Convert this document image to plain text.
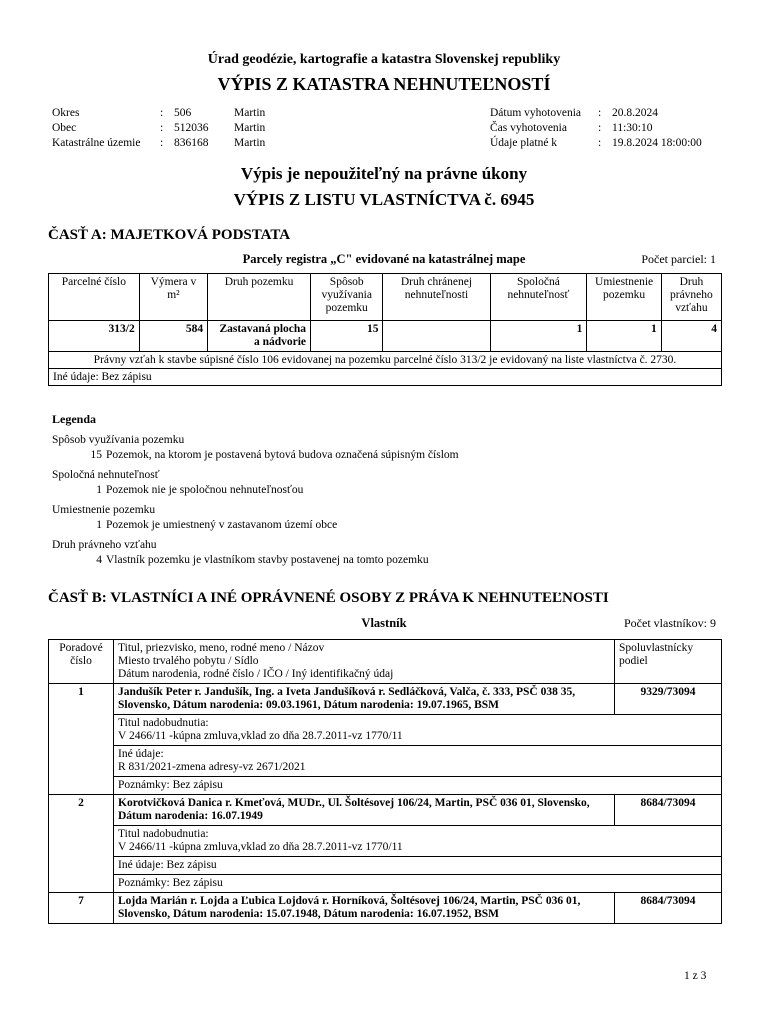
Úrad geodézie, kartografie a katastra Slovenskej republiky
VÝPIS Z KATASTRA NEHNUTEĽNOSTÍ
Okres	: 506	Martin
Obec	: 512036 Martin
Katastrálne územie : 836168 Martin
Dátum vyhotovenia : 20.8.2024
Čas vyhotovenia	: 11:30:10
Údaje platné k	: 19.8.2024 18:00:00
Výpis je nepoužiteľný na právne úkony
VÝPIS Z LISTU VLASTNÍCTVA č. 6945
ČASŤ A: MAJETKOVÁ PODSTATA
Parcely registra „C" evidované na katastrálnej mape	Počet parciel: 1
Parcelné číslo	Výmera v m²	Druh pozemku	Spôsob využívania pozemku	Druh chránenej nehnuteľnosti	Spoločná nehnuteľnosť	Umiestnenie pozemku	Druh právneho vzťahu
313/2	584	Zastavaná plocha a nádvorie	15		1	1	4
Právny vzťah k stavbe súpisné číslo 106 evidovanej na pozemku parcelné číslo 313/2 je evidovaný na liste vlastníctva č. 2730.							
Iné údaje: Bez zápisu							
Legenda
Spôsob využívania pozemku
15 Pozemok, na ktorom je postavená bytová budova označená súpisným číslom
Spoločná nehnuteľnosť
1 Pozemok nie je spoločnou nehnuteľnosťou
Umiestnenie pozemku
1 Pozemok je umiestnený v zastavanom území obce
Druh právneho vzťahu
4 Vlastník pozemku je vlastníkom stavby postavenej na tomto pozemku
ČASŤ B: VLASTNÍCI A INÉ OPRÁVNENÉ OSOBY Z PRÁVA K NEHNUTEĽNOSTI
Vlastník	Počet vlastníkov: 9
Poradové číslo	Titul, priezvisko, meno, rodné meno / Názov
Miesto trvalého pobytu / Sídlo
Dátum narodenia, rodné číslo / IČO / Iný identifikačný údaj	Spoluvlastnícky podiel
1	Jandušík Peter r. Jandušík, Ing. a Iveta Jandušíková r. Sedláčková, Valča, č. 333, PSČ 038 35, Slovensko, Dátum narodenia: 09.03.1961, Dátum narodenia: 19.07.1965, BSM	9329/73094

	Titul nadobudnutia:
V 2466/11 -kúpna zmluva,vklad zo dňa 28.7.2011-vz 1770/11	

	Iné údaje:
R 831/2021-zmena adresy-vz 2671/2021	

	Poznámky: Bez zápisu	
2	Korotvičková Danica r. Kmeťová, MUDr., Ul. Šoltésovej 106/24, Martin, PSČ 036 01, Slovensko, Dátum narodenia: 16.07.1949	8684/73094

	Titul nadobudnutia:
V 2466/11 -kúpna zmluva,vklad zo dňa 28.7.2011-vz 1770/11	

	Iné údaje: Bez zápisu	
	Poznámky: Bez zápisu	
7	Lojda Marián r. Lojda a Ľubica Lojdová r. Horníková, Šoltésovej 106/24, Martin, PSČ 036 01, Slovensko, Dátum narodenia: 15.07.1948, Dátum narodenia: 16.07.1952, BSM	8684/73094
1 z 3
